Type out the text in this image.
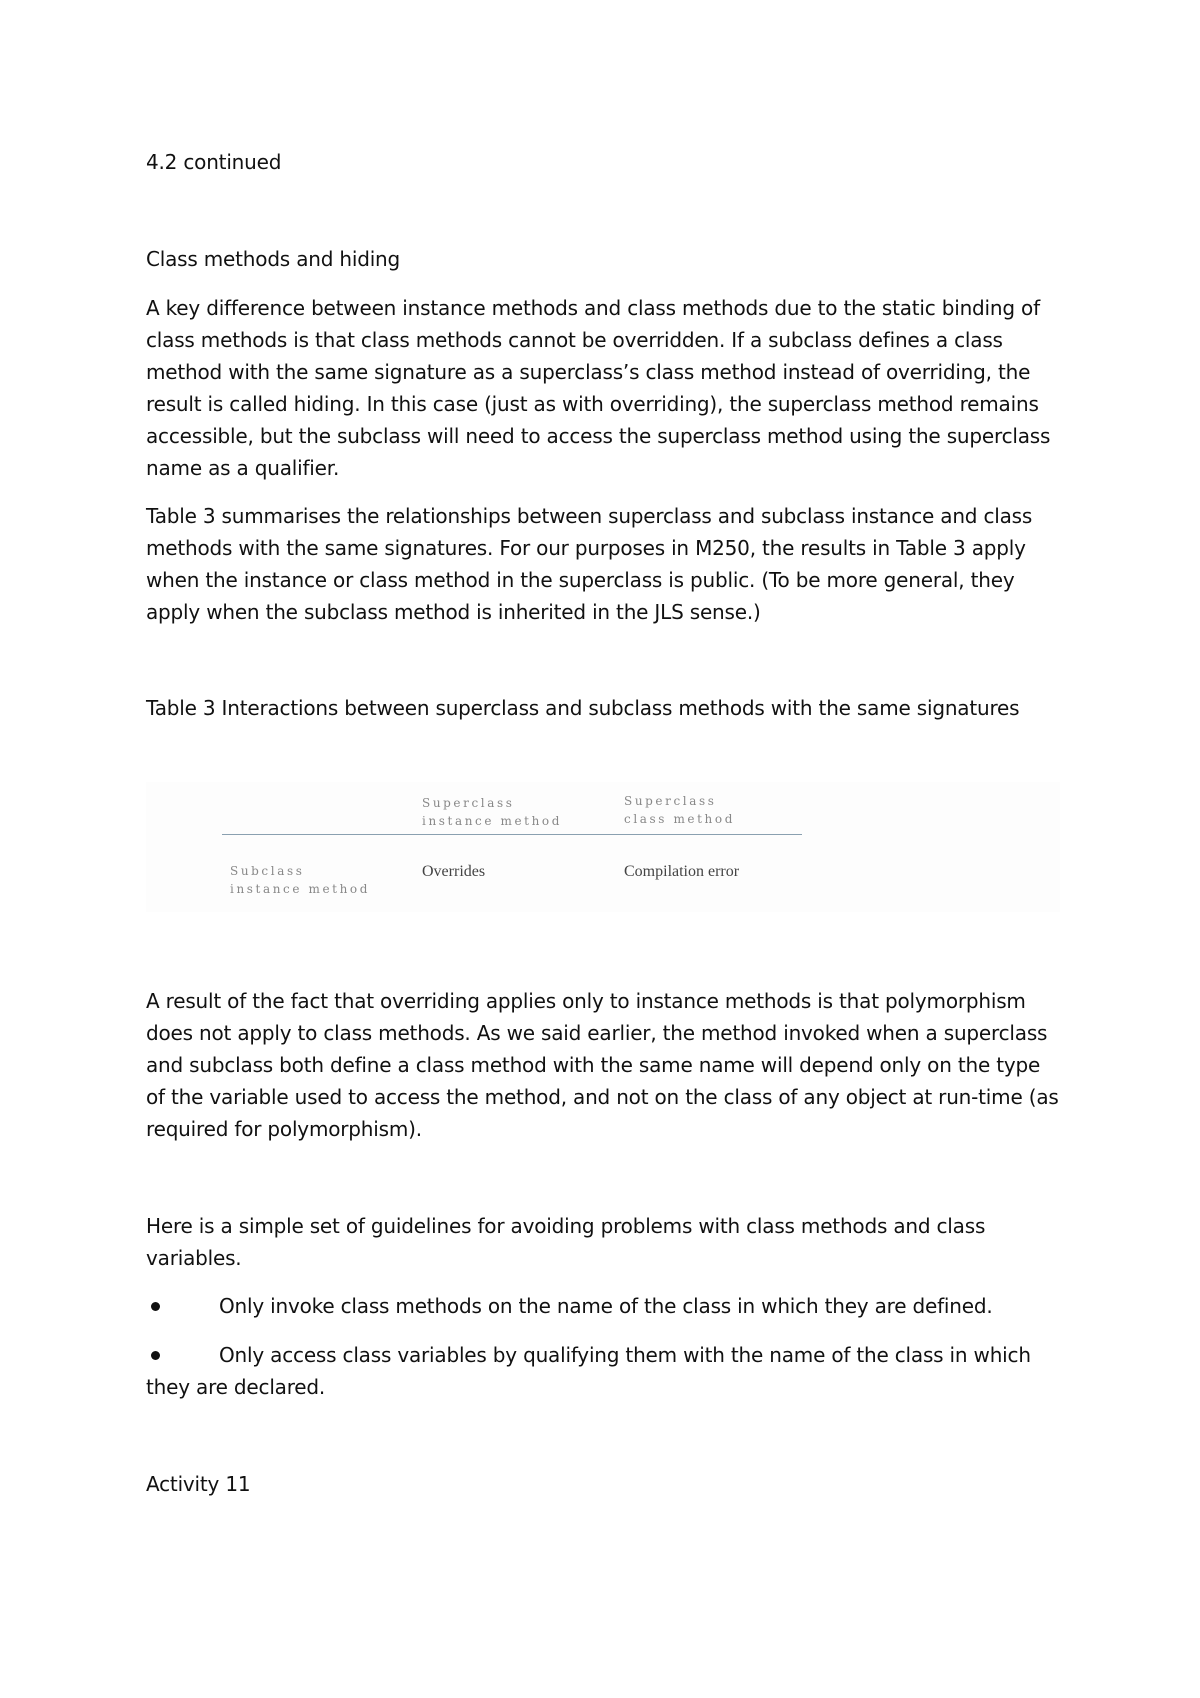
4.2 continued

Class methods and hiding

A key difference between instance methods and class methods due to the static binding of class methods is that class methods cannot be overridden. If a subclass defines a class method with the same signature as a superclass’s class method instead of overriding, the result is called hiding. In this case (just as with overriding), the superclass method remains accessible, but the subclass will need to access the superclass method using the superclass name as a qualifier.

Table 3 summarises the relationships between superclass and subclass instance and class methods with the same signatures. For our purposes in M250, the results in Table 3 apply when the instance or class method in the superclass is public. (To be more general, they apply when the subclass method is inherited in the JLS sense.)

Table 3 Interactions between superclass and subclass methods with the same signatures

Superclass instance method
Superclass class method
Subclass instance method
Overrides	Compilation error

A result of the fact that overriding applies only to instance methods is that polymorphism does not apply to class methods. As we said earlier, the method invoked when a superclass and subclass both define a class method with the same name will depend only on the type of the variable used to access the method, and not on the class of any object at run-time (as required for polymorphism).

Here is a simple set of guidelines for avoiding problems with class methods and class variables.

Only invoke class methods on the name of the class in which they are defined.

Only access class variables by qualifying them with the name of the class in which they are declared.

Activity 11
